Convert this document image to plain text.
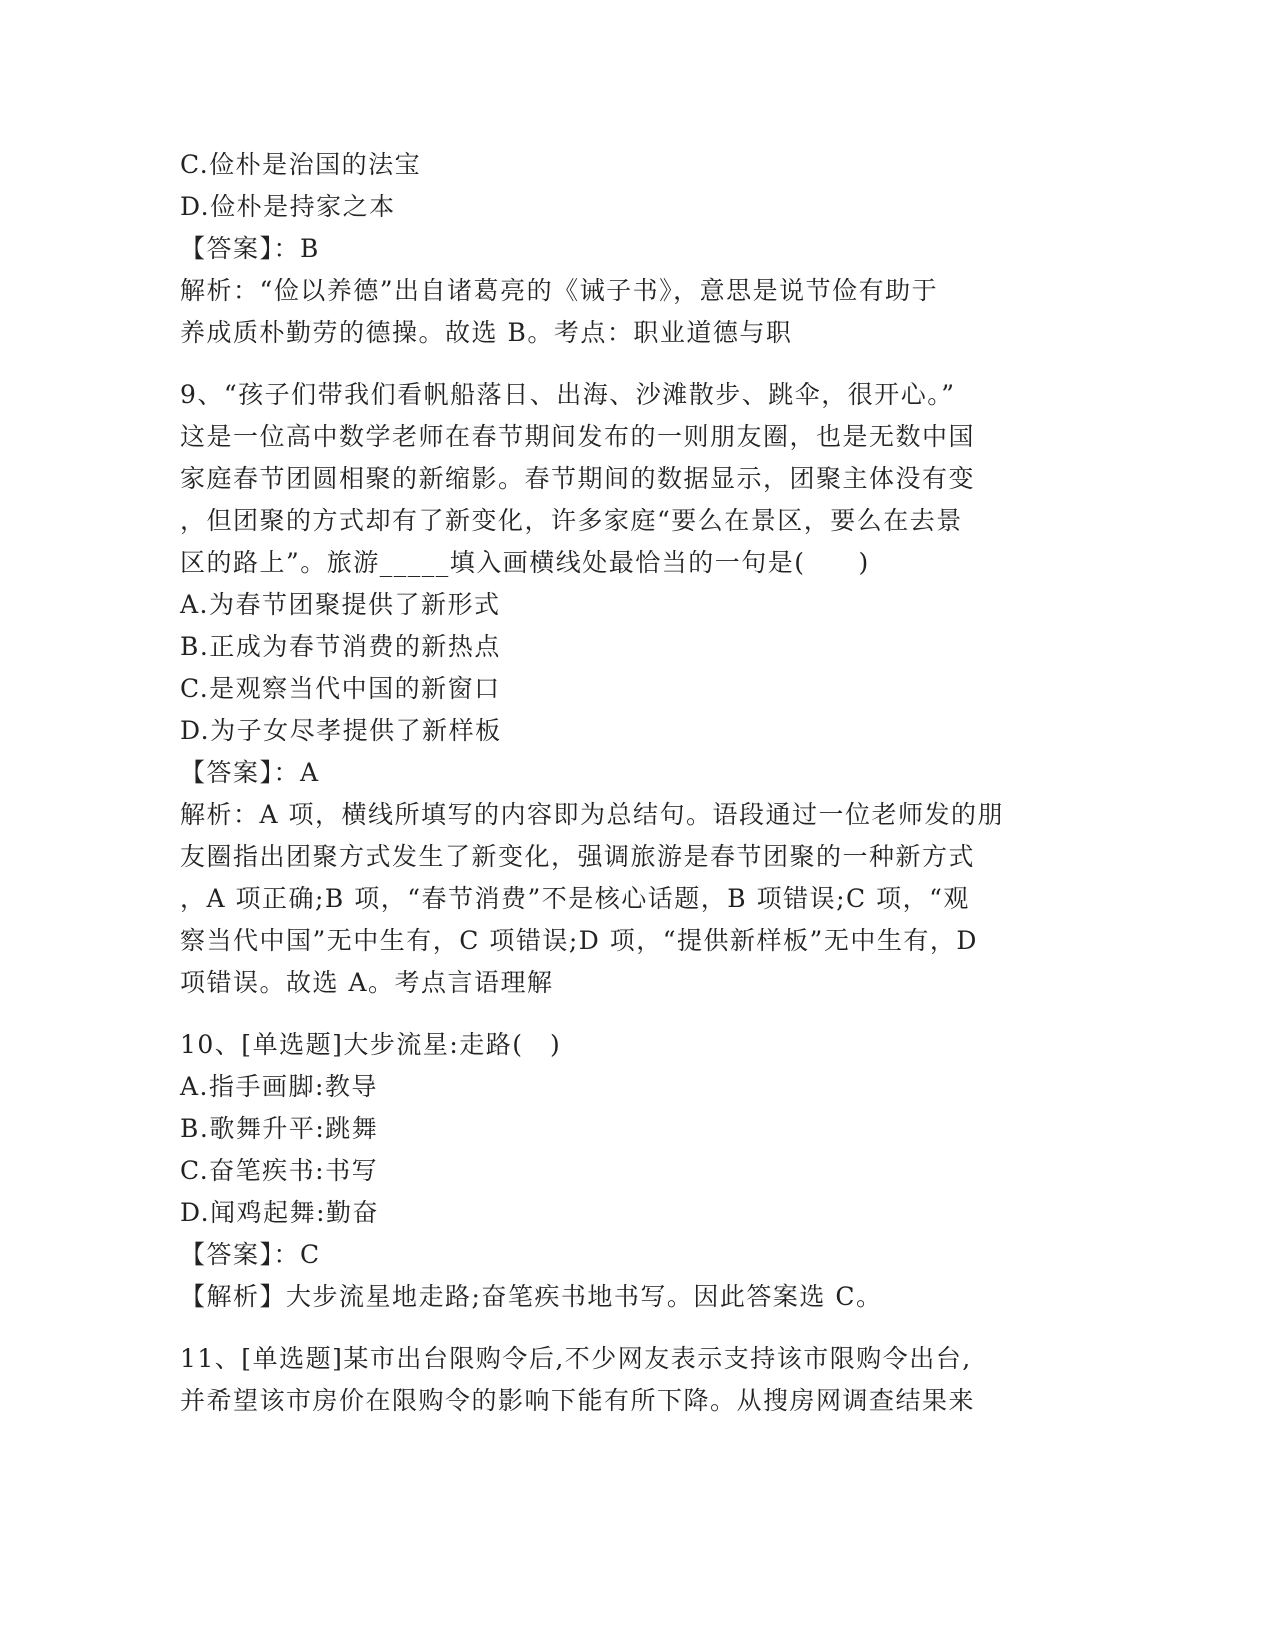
C.俭朴是治国的法宝
D.俭朴是持家之本
【答案】：B
解析：“俭以养德”出自诸葛亮的《诫子书》，意思是说节俭有助于
养成质朴勤劳的德操。故选 B。考点：职业道德与职
9、“孩子们带我们看帆船落日、出海、沙滩散步、跳伞，很开心。”
这是一位高中数学老师在春节期间发布的一则朋友圈，也是无数中国
家庭春节团圆相聚的新缩影。春节期间的数据显示，团聚主体没有变
，但团聚的方式却有了新变化，许多家庭“要么在景区，要么在去景
区的路上”。旅游_____填入画横线处最恰当的一句是(　　)
A.为春节团聚提供了新形式
B.正成为春节消费的新热点
C.是观察当代中国的新窗口
D.为子女尽孝提供了新样板
【答案】：A
解析：A 项，横线所填写的内容即为总结句。语段通过一位老师发的朋
友圈指出团聚方式发生了新变化，强调旅游是春节团聚的一种新方式
，A 项正确;B 项，“春节消费”不是核心话题，B 项错误;C 项，“观
察当代中国”无中生有，C 项错误;D 项，“提供新样板”无中生有，D
项错误。故选 A。考点言语理解
10、[单选题]大步流星:走路(　)
A.指手画脚:教导
B.歌舞升平:跳舞
C.奋笔疾书:书写
D.闻鸡起舞:勤奋
【答案】：C
【解析】大步流星地走路;奋笔疾书地书写。因此答案选 C。
11、[单选题]某市出台限购令后,不少网友表示支持该市限购令出台,
并希望该市房价在限购令的影响下能有所下降。从搜房网调查结果来
